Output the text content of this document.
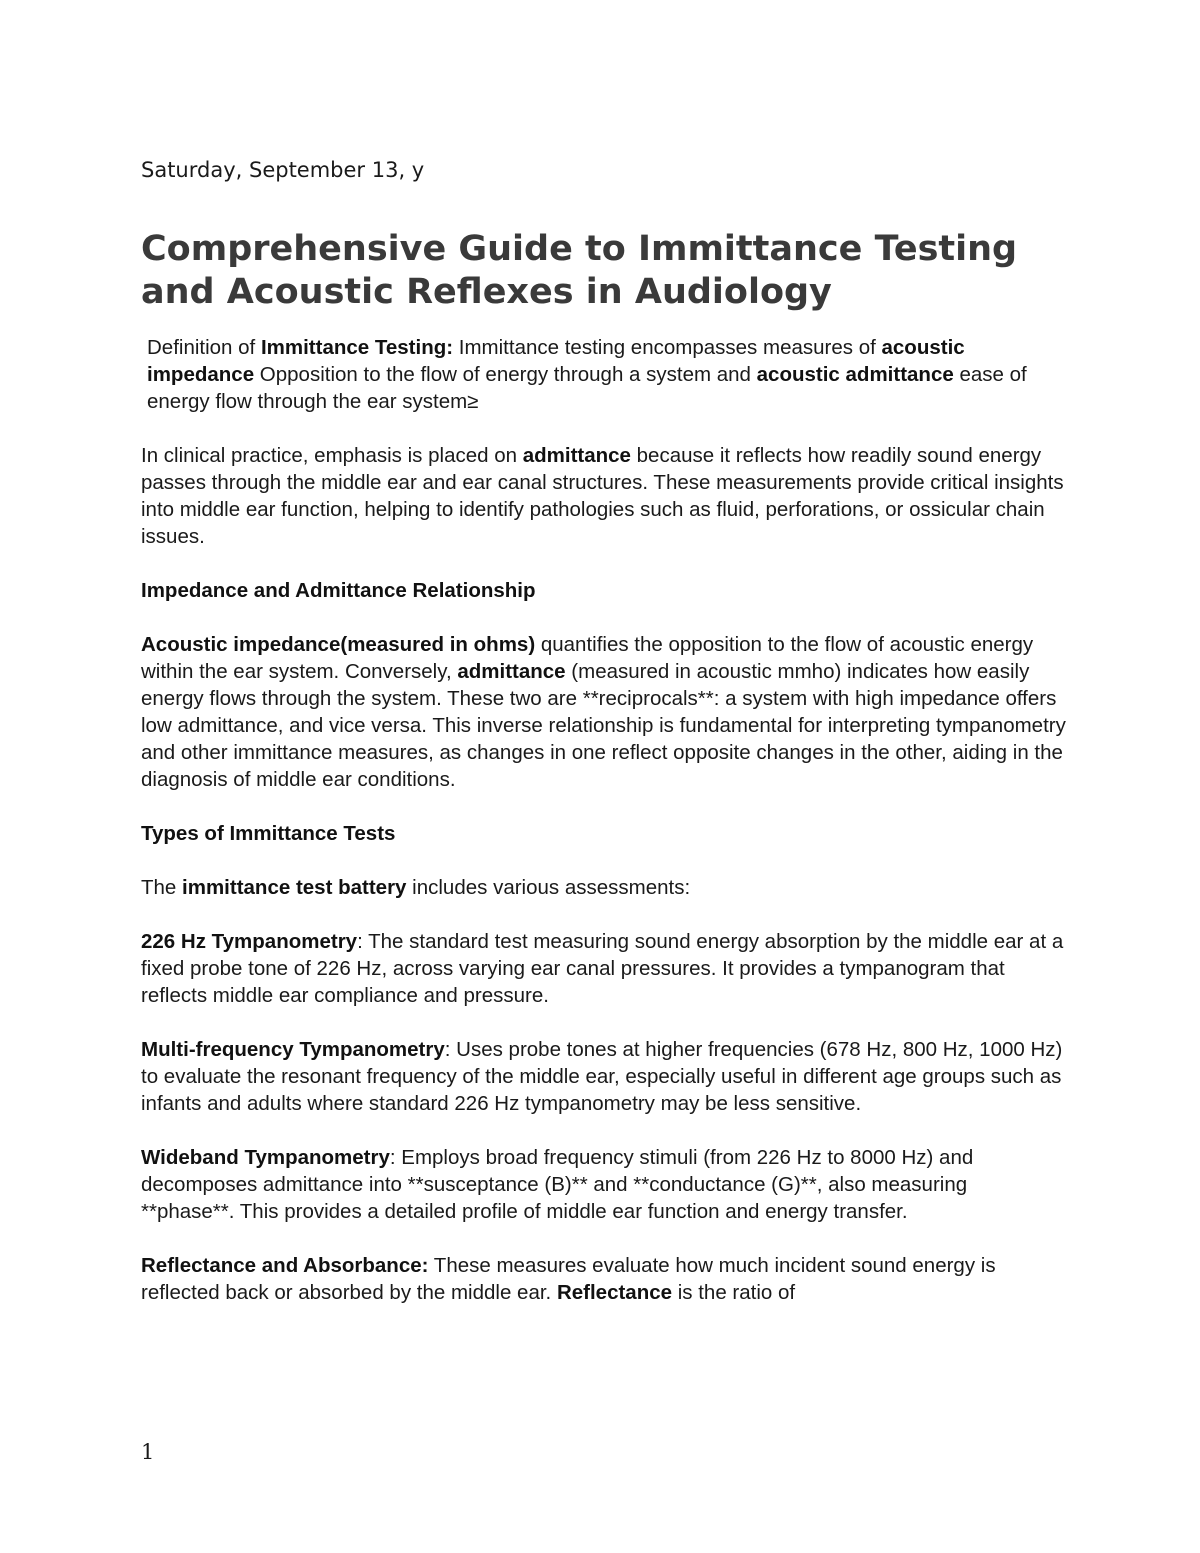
Saturday, September 13, y

Comprehensive Guide to Immittance Testing and Acoustic Reflexes in Audiology

Definition of Immittance Testing: Immittance testing encompasses measures of acoustic impedance Opposition to the flow of energy through a system and acoustic admittance ease of energy flow through the ear system≥

In clinical practice, emphasis is placed on admittance because it reflects how readily sound energy passes through the middle ear and ear canal structures. These measurements provide critical insights into middle ear function, helping to identify pathologies such as fluid, perforations, or ossicular chain issues.

Impedance and Admittance Relationship

Acoustic impedance(measured in ohms) quantifies the opposition to the flow of acoustic energy within the ear system. Conversely, admittance (measured in acoustic mmho) indicates how easily energy flows through the system. These two are **reciprocals**: a system with high impedance offers low admittance, and vice versa. This inverse relationship is fundamental for interpreting tympanometry and other immittance measures, as changes in one reflect opposite changes in the other, aiding in the diagnosis of middle ear conditions.

Types of Immittance Tests

The immittance test battery includes various assessments:

226 Hz Tympanometry: The standard test measuring sound energy absorption by the middle ear at a fixed probe tone of 226 Hz, across varying ear canal pressures. It provides a tympanogram that reflects middle ear compliance and pressure.

Multi-frequency Tympanometry: Uses probe tones at higher frequencies (678 Hz, 800 Hz, 1000 Hz) to evaluate the resonant frequency of the middle ear, especially useful in different age groups such as infants and adults where standard 226 Hz tympanometry may be less sensitive.

Wideband Tympanometry: Employs broad frequency stimuli (from 226 Hz to 8000 Hz) and decomposes admittance into **susceptance (B)** and **conductance (G)**, also measuring **phase**. This provides a detailed profile of middle ear function and energy transfer.

Reflectance and Absorbance: These measures evaluate how much incident sound energy is reflected back or absorbed by the middle ear. Reflectance is the ratio of

1
